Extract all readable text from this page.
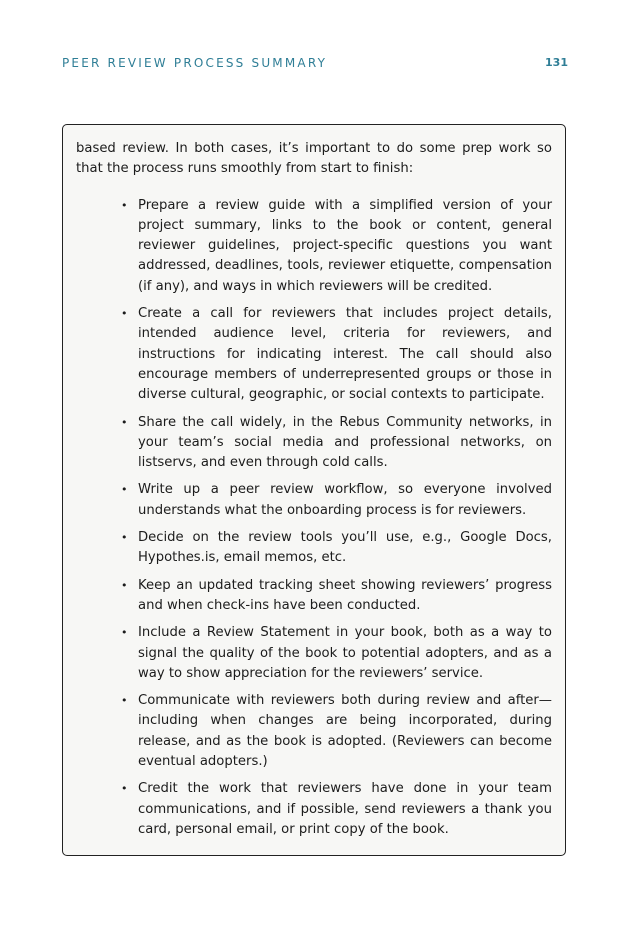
PEER REVIEW PROCESS SUMMARY	131

based review. In both cases, it’s important to do some prep work so that the process runs smoothly from start to finish:

• Prepare a review guide with a simplified version of your project summary, links to the book or content, general reviewer guidelines, project-specific questions you want addressed, deadlines, tools, reviewer etiquette, compensation (if any), and ways in which reviewers will be credited.
• Create a call for reviewers that includes project details, intended audience level, criteria for reviewers, and instructions for indicating interest. The call should also encourage members of underrepresented groups or those in diverse cultural, geographic, or social contexts to participate.
• Share the call widely, in the Rebus Community networks, in your team’s social media and professional networks, on listservs, and even through cold calls.
• Write up a peer review workflow, so everyone involved understands what the onboarding process is for reviewers.
• Decide on the review tools you’ll use, e.g., Google Docs, Hypothes.is, email memos, etc.
• Keep an updated tracking sheet showing reviewers’ progress and when check-ins have been conducted.
• Include a Review Statement in your book, both as a way to signal the quality of the book to potential adopters, and as a way to show appreciation for the reviewers’ service.
• Communicate with reviewers both during review and after—including when changes are being incorporated, during release, and as the book is adopted. (Reviewers can become eventual adopters.)
• Credit the work that reviewers have done in your team communications, and if possible, send reviewers a thank you card, personal email, or print copy of the book.
